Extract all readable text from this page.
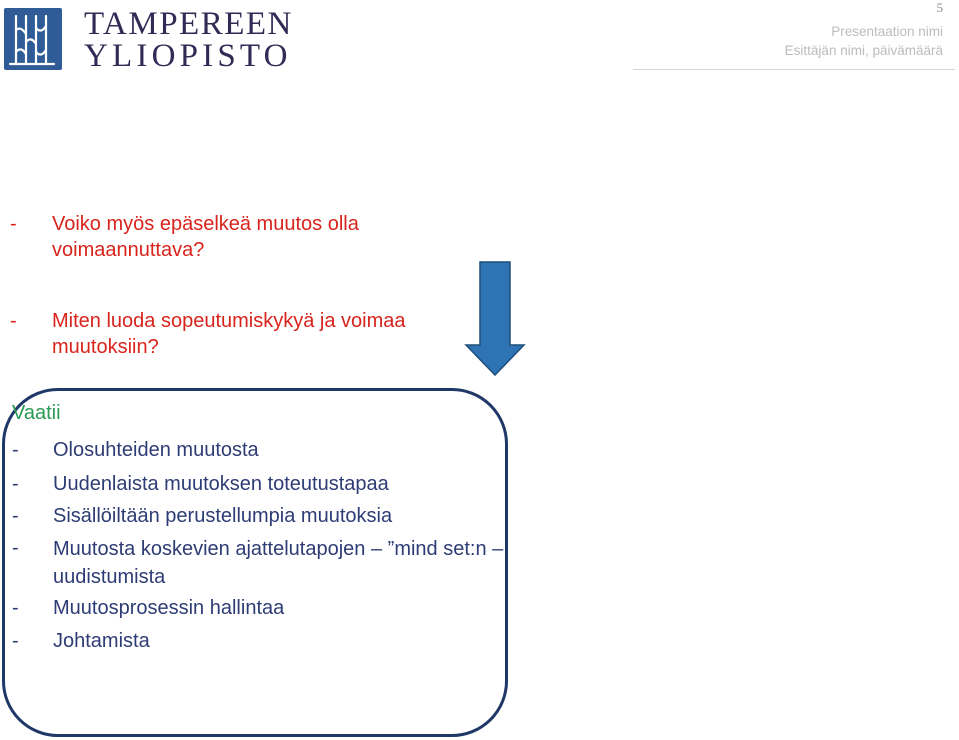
TAMPEREEN
YLIOPISTO
5
Presentaation nimi
Esittäjän nimi, päivämäärä
- Voiko myös epäselkeä muutos olla voimaannuttava?
- Miten luoda sopeutumiskykyä ja voimaa muutoksiin?
Vaatii
- Olosuhteiden muutosta
- Uudenlaista muutoksen toteutustapaa
- Sisällöiltään perustellumpia muutoksia
- Muutosta koskevien ajattelutapojen – ”mind set:n –uudistumista
- Muutosprosessin hallintaa
- Johtamista
